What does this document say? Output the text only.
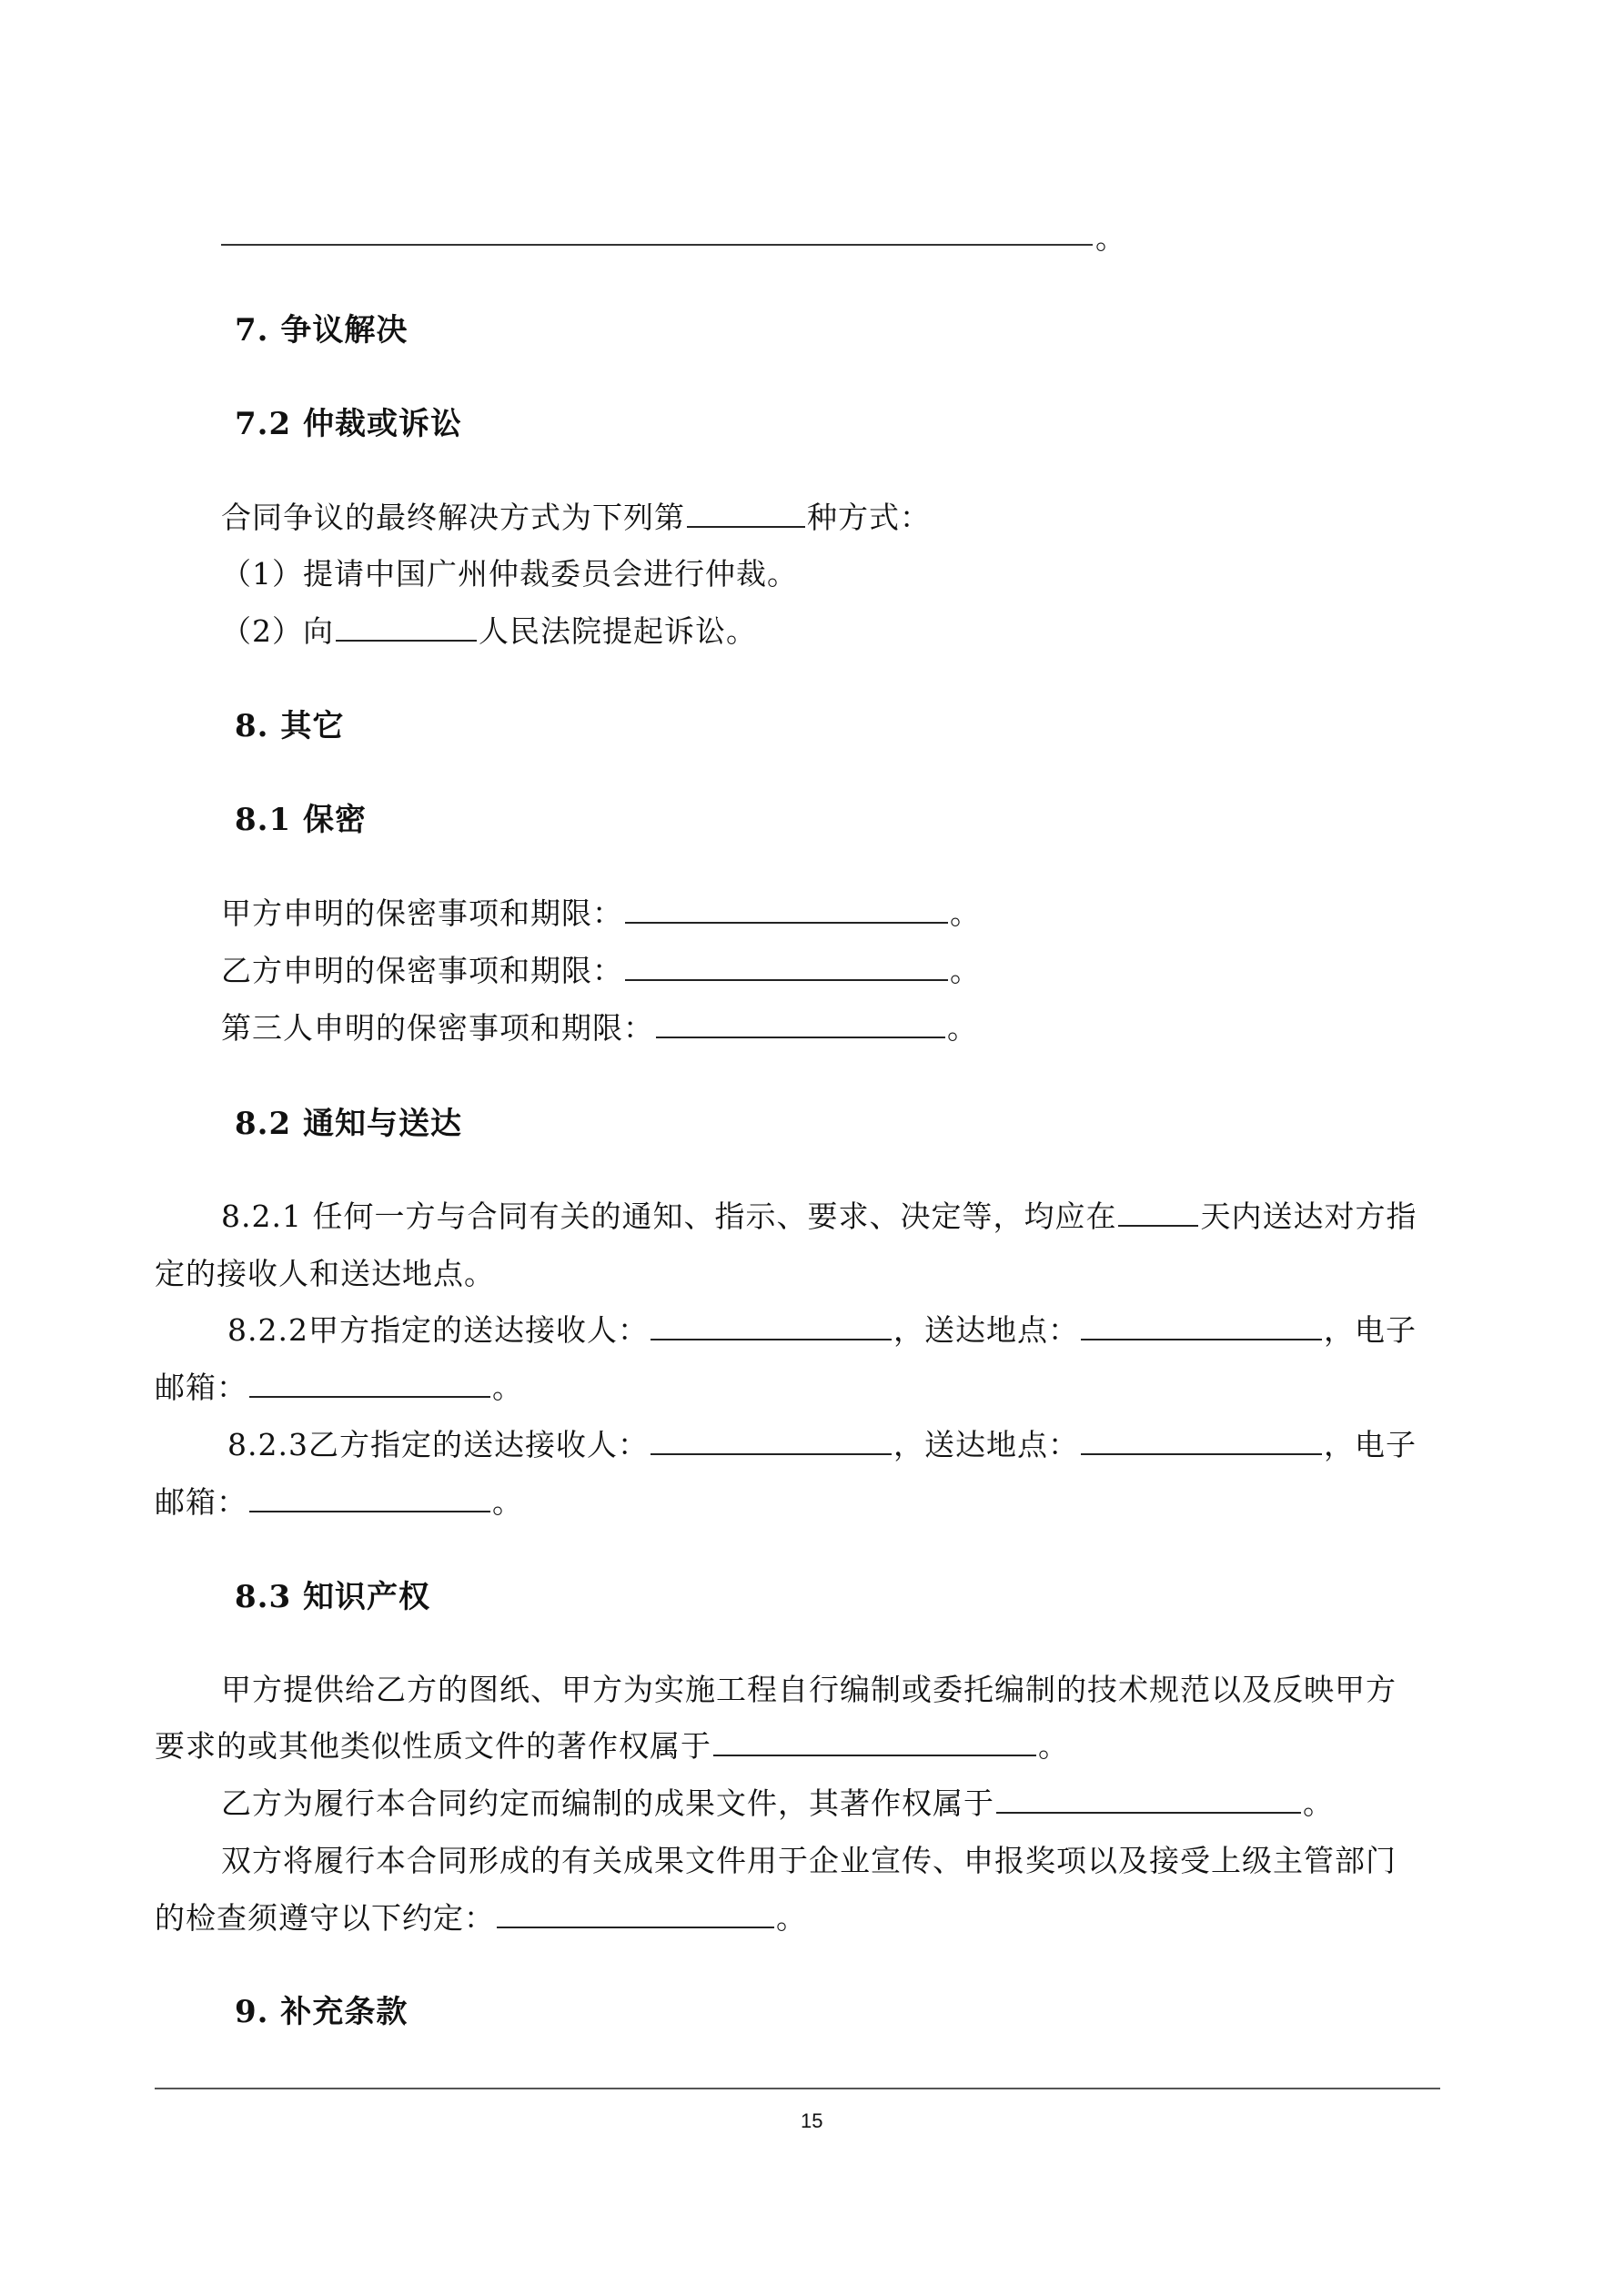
。
7. 争议解决
7.2 仲裁或诉讼
合同争议的最终解决方式为下列第	种方式：
（1）提请中国广州仲裁委员会进行仲裁。
（2）向	人民法院提起诉讼。
8. 其它
8.1 保密
甲方申明的保密事项和期限：	。
乙方申明的保密事项和期限：	。
第三人申明的保密事项和期限：	。
8.2 通知与送达
8.2.1 任何一方与合同有关的通知、指示、要求、决定等，均应在	天内送达对方指
定的接收人和送达地点。
8.2.2甲方指定的送达接收人：	，送达地点：	，电子
邮箱：	。
8.2.3乙方指定的送达接收人：	，送达地点：	，电子
邮箱：	。
8.3 知识产权
甲方提供给乙方的图纸、甲方为实施工程自行编制或委托编制的技术规范以及反映甲方
要求的或其他类似性质文件的著作权属于	。
乙方为履行本合同约定而编制的成果文件，其著作权属于	。
双方将履行本合同形成的有关成果文件用于企业宣传、申报奖项以及接受上级主管部门
的检查须遵守以下约定：	。
9. 补充条款
15
